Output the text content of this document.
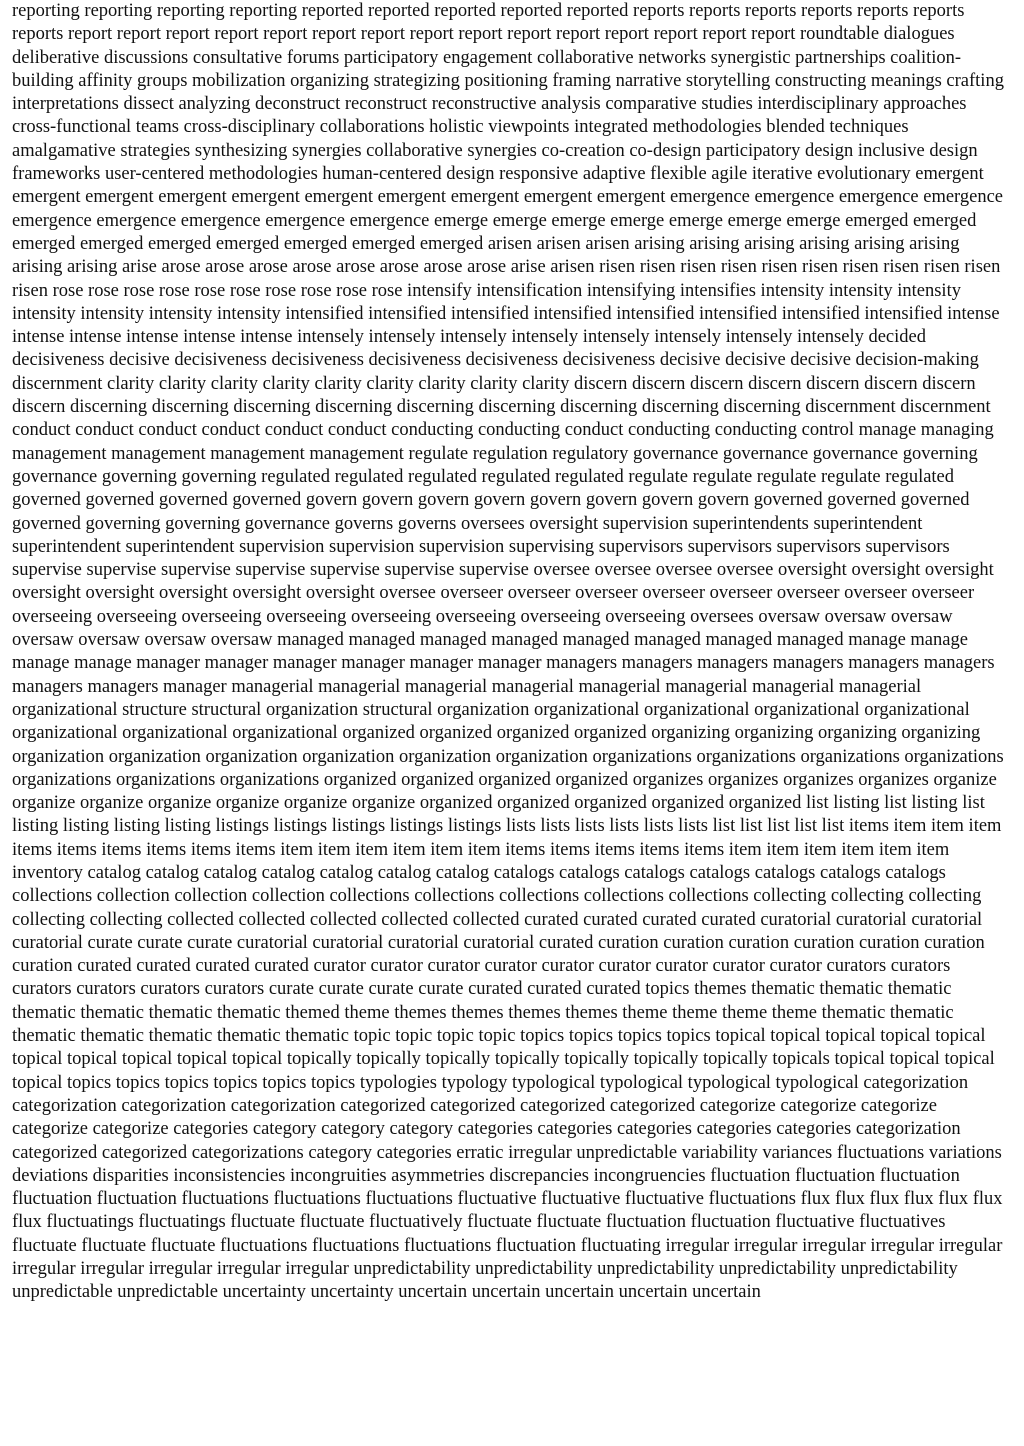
reporting reporting reporting reporting reported reported reported reported reported reports reports reports reports reports reports reports report report report report report report report report report report report report report report report roundtable dialogues deliberative discussions consultative forums participatory engagement collaborative networks synergistic partnerships coalition-building affinity groups mobilization organizing strategizing positioning framing narrative storytelling constructing meanings crafting interpretations dissect analyzing deconstruct reconstruct reconstructive analysis comparative studies interdisciplinary approaches cross-functional teams cross-disciplinary collaborations holistic viewpoints integrated methodologies blended techniques amalgamative strategies synthesizing synergies collaborative synergies co-creation co-design participatory design inclusive design frameworks user-centered methodologies human-centered design responsive adaptive flexible agile iterative evolutionary emergent emergent emergent emergent emergent emergent emergent emergent emergent emergent emergence emergence emergence emergence emergence emergence emergence emergence emergence emerge emerge emerge emerge emerge emerge emerge emerged emerged emerged emerged emerged emerged emerged emerged emerged arisen arisen arisen arising arising arising arising arising arising arising arising arise arose arose arose arose arose arose arose arose arise arisen risen risen risen risen risen risen risen risen risen risen risen rose rose rose rose rose rose rose rose rose rose intensify intensification intensifying intensifies intensity intensity intensity intensity intensity intensity intensity intensified intensified intensified intensified intensified intensified intensified intensified intense intense intense intense intense intense intensely intensely intensely intensely intensely intensely intensely intensely decided decisiveness decisive decisiveness decisiveness decisiveness decisiveness decisiveness decisive decisive decisive decision-making discernment clarity clarity clarity clarity clarity clarity clarity clarity clarity discern discern discern discern discern discern discern discern discerning discerning discerning discerning discerning discerning discerning discerning discerning discernment discernment conduct conduct conduct conduct conduct conduct conducting conducting conduct conducting conducting control manage managing management management management management regulate regulation regulatory governance governance governance governing governance governing governing regulated regulated regulated regulated regulated regulate regulate regulate regulate regulated governed governed governed governed govern govern govern govern govern govern govern govern governed governed governed governed governing governing governance governs governs oversees oversight supervision superintendents superintendent superintendent superintendent supervision supervision supervision supervising supervisors supervisors supervisors supervisors supervise supervise supervise supervise supervise supervise supervise oversee oversee oversee oversee oversight oversight oversight oversight oversight oversight oversight oversight oversee overseer overseer overseer overseer overseer overseer overseer overseer overseeing overseeing overseeing overseeing overseeing overseeing overseeing overseeing oversees oversaw oversaw oversaw oversaw oversaw oversaw oversaw managed managed managed managed managed managed managed managed manage manage manage manage manager manager manager manager manager manager managers managers managers managers managers managers managers managers manager managerial managerial managerial managerial managerial managerial managerial managerial organizational structure structural organization structural organization organizational organizational organizational organizational organizational organizational organizational organized organized organized organized organizing organizing organizing organizing organization organization organization organization organization organization organizations organizations organizations organizations organizations organizations organizations organized organized organized organized organizes organizes organizes organizes organize organize organize organize organize organize organize organized organized organized organized organized list listing list listing list listing listing listing listing listings listings listings listings listings lists lists lists lists lists lists list list list list list items item item item items items items items items items item item item item item item items items items items items item item item item item item inventory catalog catalog catalog catalog catalog catalog catalog catalogs catalogs catalogs catalogs catalogs catalogs catalogs collections collection collection collection collections collections collections collections collections collecting collecting collecting collecting collecting collected collected collected collected collected curated curated curated curated curatorial curatorial curatorial curatorial curate curate curate curatorial curatorial curatorial curatorial curated curation curation curation curation curation curation curation curated curated curated curated curator curator curator curator curator curator curator curator curator curators curators curators curators curators curators curate curate curate curate curated curated curated topics themes thematic thematic thematic thematic thematic thematic thematic themed theme themes themes themes themes theme theme theme theme thematic thematic thematic thematic thematic thematic thematic topic topic topic topic topics topics topics topics topical topical topical topical topical topical topical topical topical topical topically topically topically topically topically topically topically topicals topical topical topical topical topics topics topics topics topics topics typologies typology typological typological typological typological categorization categorization categorization categorization categorized categorized categorized categorized categorize categorize categorize categorize categorize categories category category category categories categories categories categories categories categorization categorized categorized categorizations category categories erratic irregular unpredictable variability variances fluctuations variations deviations disparities inconsistencies incongruities asymmetries discrepancies incongruencies fluctuation fluctuation fluctuation fluctuation fluctuation fluctuations fluctuations fluctuations fluctuative fluctuative fluctuative fluctuations flux flux flux flux flux flux flux fluctuatings fluctuatings fluctuate fluctuate fluctuatively fluctuate fluctuate fluctuation fluctuation fluctuative fluctuatives fluctuate fluctuate fluctuate fluctuations fluctuations fluctuations fluctuation fluctuating irregular irregular irregular irregular irregular irregular irregular irregular irregular irregular unpredictability unpredictability unpredictability unpredictability unpredictability unpredictable unpredictable uncertainty uncertainty uncertain uncertain uncertain uncertain uncertain
